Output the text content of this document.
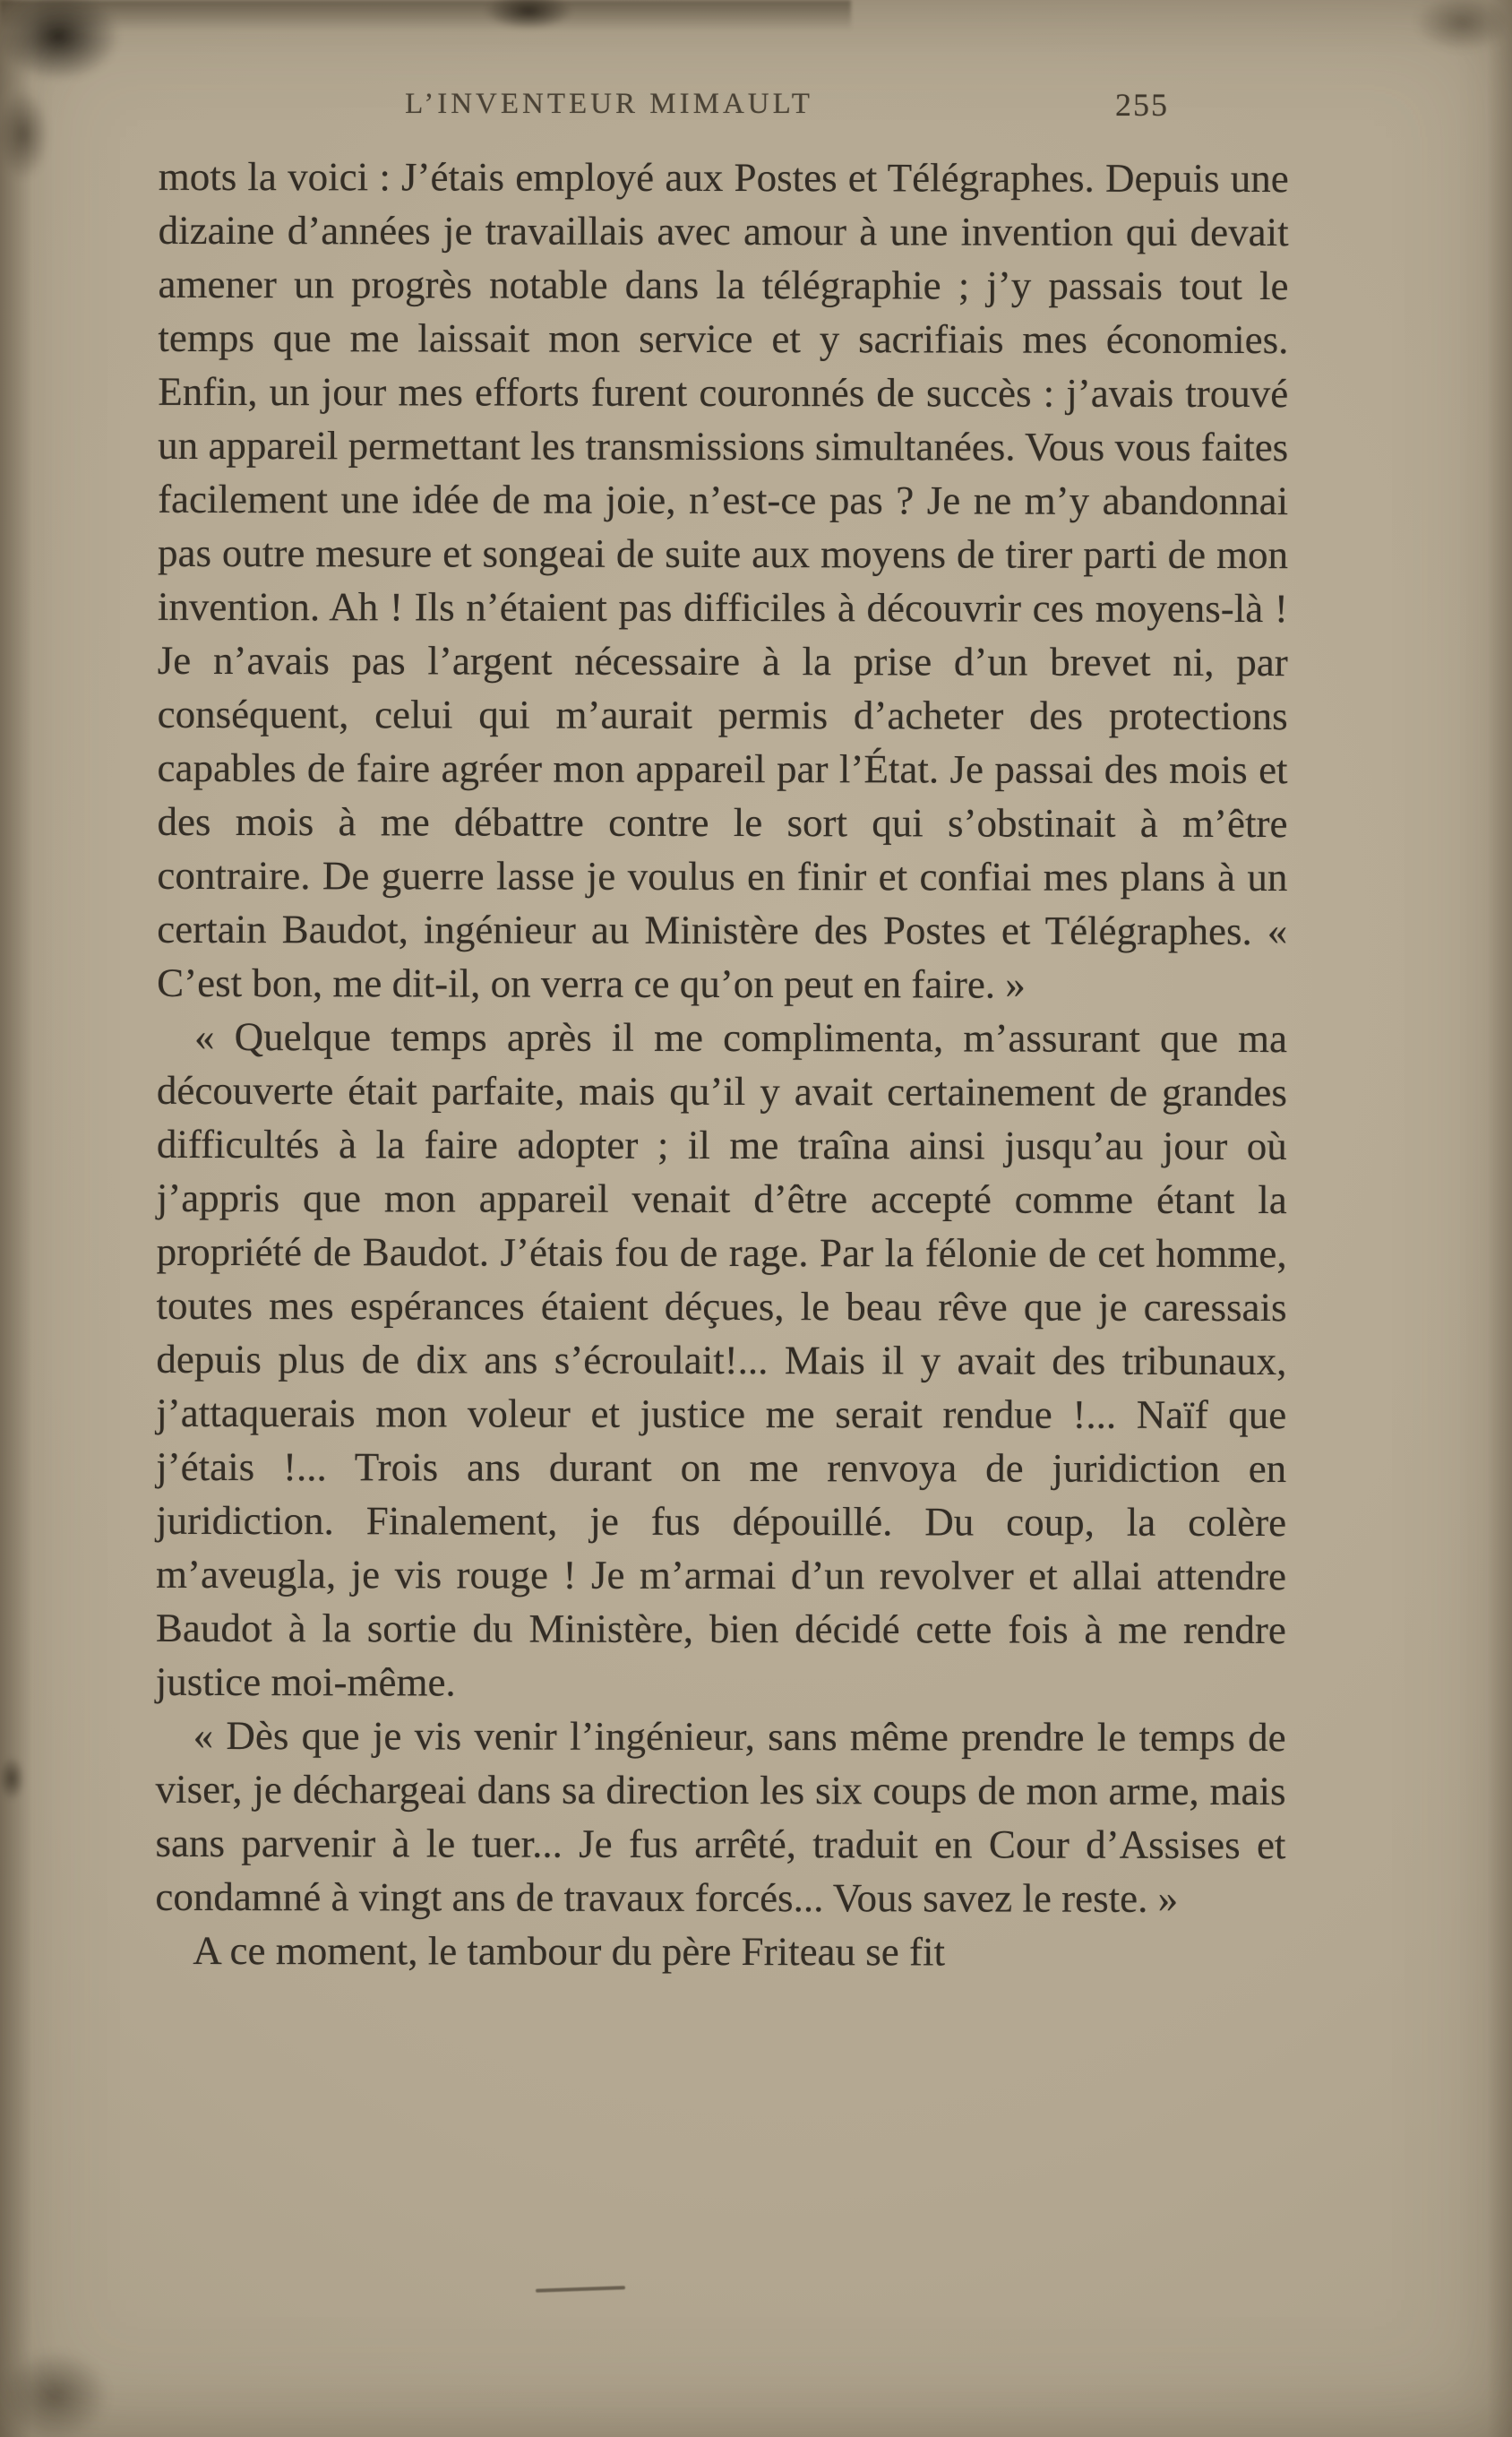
L’INVENTEUR MIMAULT	255

mots la voici : J’étais employé aux Postes et Télégraphes. Depuis une dizaine d’années je travaillais avec amour à une invention qui devait amener un progrès notable dans la télégraphie ; j’y passais tout le temps que me laissait mon service et y sacrifiais mes économies. Enfin, un jour mes efforts furent couronnés de succès : j’avais trouvé un appareil permettant les transmissions simultanées. Vous vous faites facilement une idée de ma joie, n’est-ce pas ? Je ne m’y abandonnai pas outre mesure et songeai de suite aux moyens de tirer parti de mon invention. Ah ! Ils n’étaient pas difficiles à découvrir ces moyens-là ! Je n’avais pas l’argent nécessaire à la prise d’un brevet ni, par conséquent, celui qui m’aurait permis d’acheter des protections capables de faire agréer mon appareil par l’État. Je passai des mois et des mois à me débattre contre le sort qui s’obstinait à m’être contraire. De guerre lasse je voulus en finir et confiai mes plans à un certain Baudot, ingénieur au Ministère des Postes et Télégraphes. « C’est bon, me dit-il, on verra ce qu’on peut en faire. »

« Quelque temps après il me complimenta, m’assurant que ma découverte était parfaite, mais qu’il y avait certainement de grandes difficultés à la faire adopter ; il me traîna ainsi jusqu’au jour où j’appris que mon appareil venait d’être accepté comme étant la propriété de Baudot. J’étais fou de rage. Par la félonie de cet homme, toutes mes espérances étaient déçues, le beau rêve que je caressais depuis plus de dix ans s’écroulait!... Mais il y avait des tribunaux, j’attaquerais mon voleur et justice me serait rendue !... Naïf que j’étais !... Trois ans durant on me renvoya de juridiction en juridiction. Finalement, je fus dépouillé. Du coup, la colère m’aveugla, je vis rouge ! Je m’armai d’un revolver et allai attendre Baudot à la sortie du Ministère, bien décidé cette fois à me rendre justice moi-même.

« Dès que je vis venir l’ingénieur, sans même prendre le temps de viser, je déchargeai dans sa direction les six coups de mon arme, mais sans parvenir à le tuer... Je fus arrêté, traduit en Cour d’Assises et condamné à vingt ans de travaux forcés... Vous savez le reste. »

A ce moment, le tambour du père Friteau se fit
